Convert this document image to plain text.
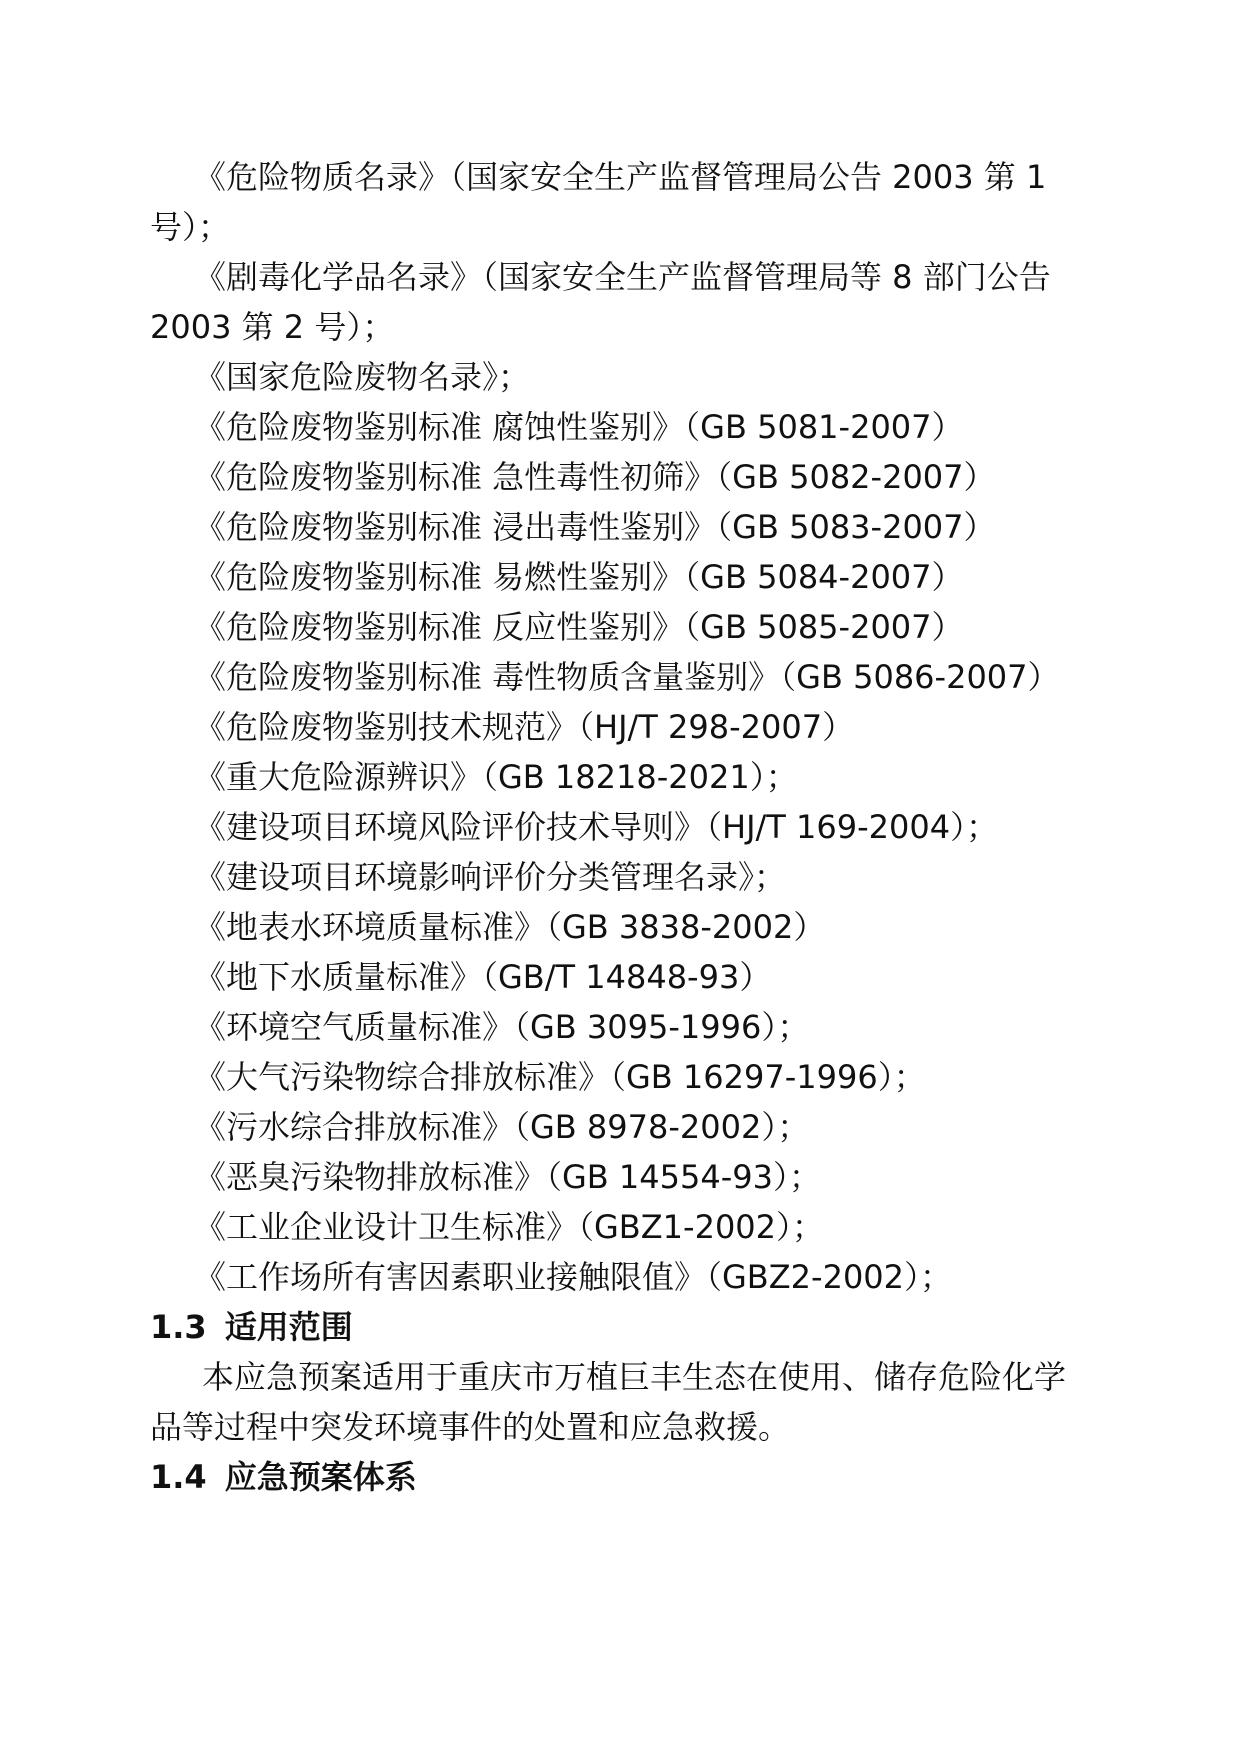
《危险物质名录》（国家安全生产监督管理局公告 2003 第 1
号）；
《剧毒化学品名录》（国家安全生产监督管理局等 8 部门公告
2003 第 2 号）；
《国家危险废物名录》；
《危险废物鉴别标准 腐蚀性鉴别》（GB 5081-2007）
《危险废物鉴别标准 急性毒性初筛》（GB 5082-2007）
《危险废物鉴别标准 浸出毒性鉴别》（GB 5083-2007）
《危险废物鉴别标准 易燃性鉴别》（GB 5084-2007）
《危险废物鉴别标准 反应性鉴别》（GB 5085-2007）
《危险废物鉴别标准 毒性物质含量鉴别》（GB 5086-2007）
《危险废物鉴别技术规范》（HJ/T 298-2007）
《重大危险源辨识》（GB 18218-2021）；
《建设项目环境风险评价技术导则》（HJ/T 169-2004）；
《建设项目环境影响评价分类管理名录》；
《地表水环境质量标准》（GB 3838-2002）
《地下水质量标准》（GB/T 14848-93）
《环境空气质量标准》（GB 3095-1996）；
《大气污染物综合排放标准》（GB 16297-1996）；
《污水综合排放标准》（GB 8978-2002）；
《恶臭污染物排放标准》（GB 14554-93）；
《工业企业设计卫生标准》（GBZ1-2002）；
《工作场所有害因素职业接触限值》（GBZ2-2002）；
1.3 适用范围
本应急预案适用于重庆市万植巨丰生态在使用、储存危险化学
品等过程中突发环境事件的处置和应急救援。
1.4 应急预案体系
